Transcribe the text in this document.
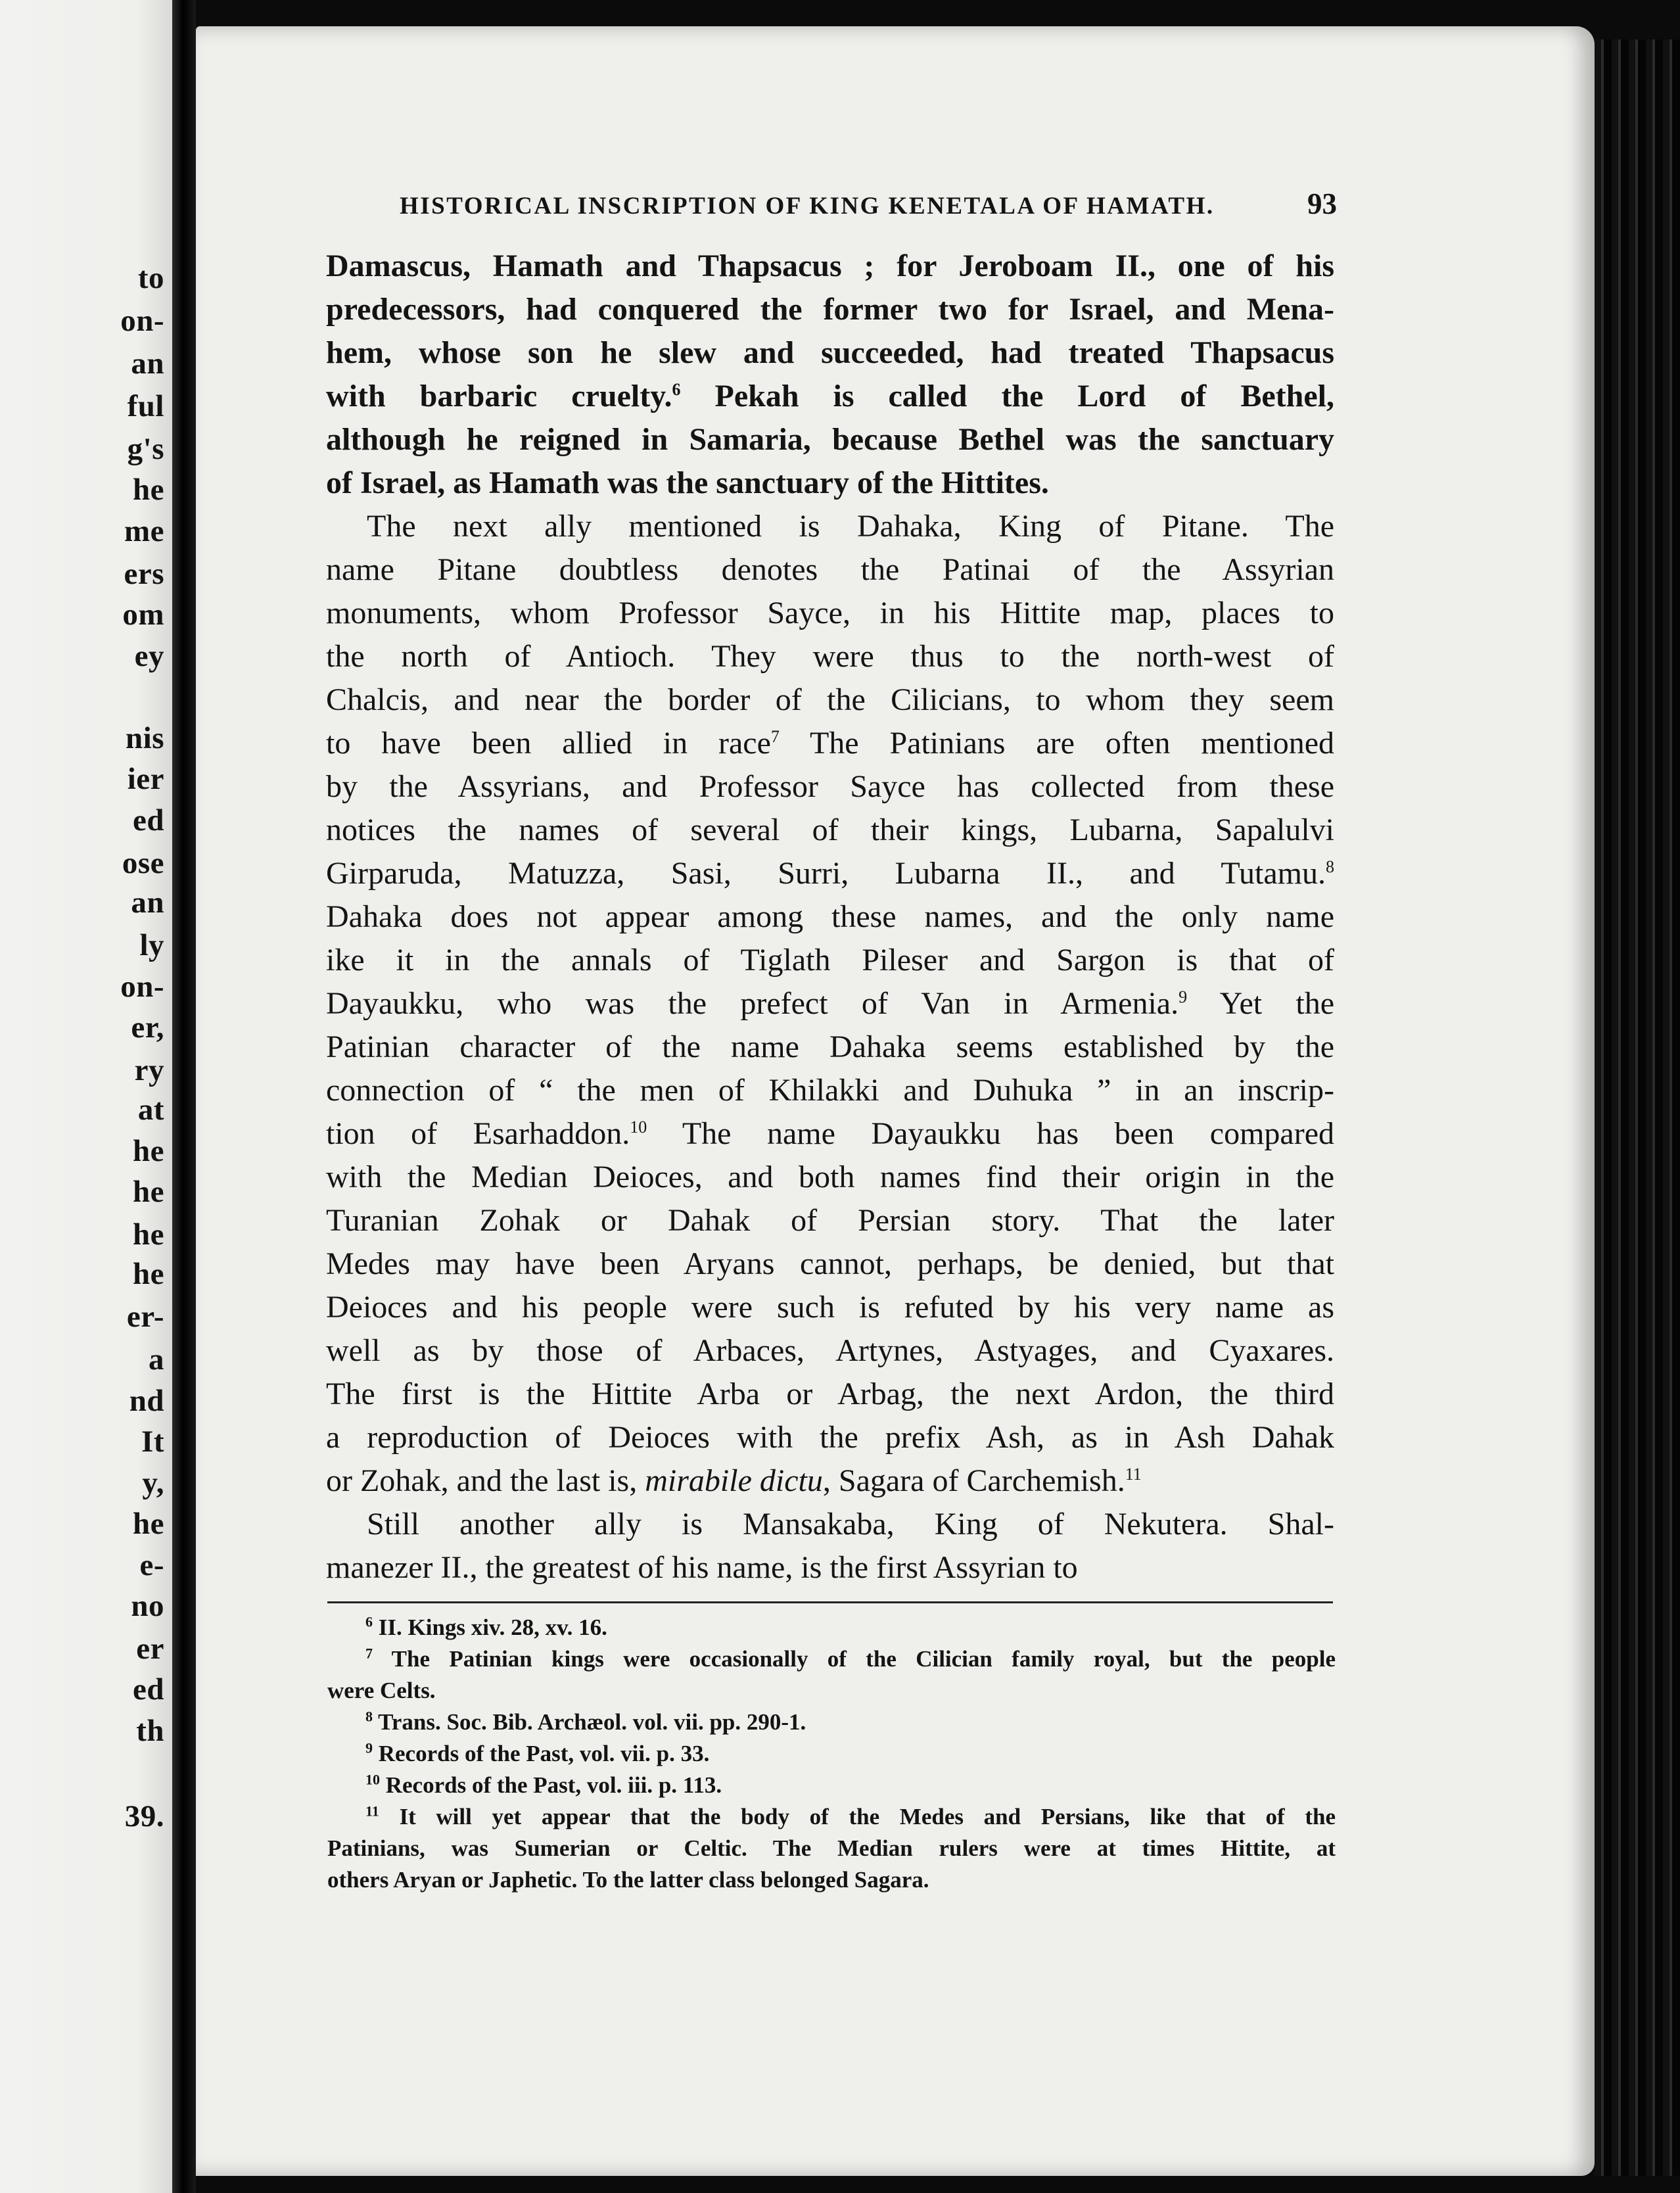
to
on-
an
ful
g's
he
me
ers
om
ey
nis
ier
ed
ose
an
ly
on-
er,
ry
at
he
he
he
he
er-
a
nd
It
y,
he
e-
no
er
ed
th
39.
HISTORICAL INSCRIPTION OF KING KENETALA OF HAMATH.	93
Damascus, Hamath and Thapsacus ; for Jeroboam II., one of his
predecessors, had conquered the former two for Israel, and Mena-
hem, whose son he slew and succeeded, had treated Thapsacus
with barbaric cruelty.$^6$ Pekah is called the Lord of Bethel,
although he reigned in Samaria, because Bethel was the sanctuary
of Israel, as Hamath was the sanctuary of the Hittites.
The next ally mentioned is Dahaka, King of Pitane. The
name Pitane doubtless denotes the Patinai of the Assyrian
monuments, whom Professor Sayce, in his Hittite map, places to
the north of Antioch. They were thus to the north-west of
Chalcis, and near the border of the Cilicians, to whom they seem
to have been allied in race$^7$ The Patinians are often mentioned
by the Assyrians, and Professor Sayce has collected from these
notices the names of several of their kings, Lubarna, Sapalulvi
Girparuda, Matuzza, Sasi, Surri, Lubarna II., and Tutamu.$^8$
Dahaka does not appear among these names, and the only name
ike it in the annals of Tiglath Pileser and Sargon is that of
Dayaukku, who was the prefect of Van in Armenia.$^9$ Yet the
Patinian character of the name Dahaka seems established by the
connection of “ the men of Khilakki and Duhuka ” in an inscrip-
tion of Esarhaddon.$^{10}$ The name Dayaukku has been compared
with the Median Deioces, and both names find their origin in the
Turanian Zohak or Dahak of Persian story. That the later
Medes may have been Aryans cannot, perhaps, be denied, but that
Deioces and his people were such is refuted by his very name as
well as by those of Arbaces, Artynes, Astyages, and Cyaxares.
The first is the Hittite Arba or Arbag, the next Ardon, the third
a reproduction of Deioces with the prefix Ash, as in Ash Dahak
or Zohak, and the last is, mirabile dictu, Sagara of Carchemish.$^{11}$
Still another ally is Mansakaba, King of Nekutera. Shal-
manezer II., the greatest of his name, is the first Assyrian to
$^6$ II. Kings xiv. 28, xv. 16.
$^7$ The Patinian kings were occasionally of the Cilician family royal, but the people
were Celts.
$^8$ Trans. Soc. Bib. Archæol. vol. vii. pp. 290-1.
$^9$ Records of the Past, vol. vii. p. 33.
$^{10}$ Records of the Past, vol. iii. p. 113.
$^{11}$ It will yet appear that the body of the Medes and Persians, like that of the
Patinians, was Sumerian or Celtic. The Median rulers were at times Hittite, at
others Aryan or Japhetic. To the latter class belonged Sagara.
